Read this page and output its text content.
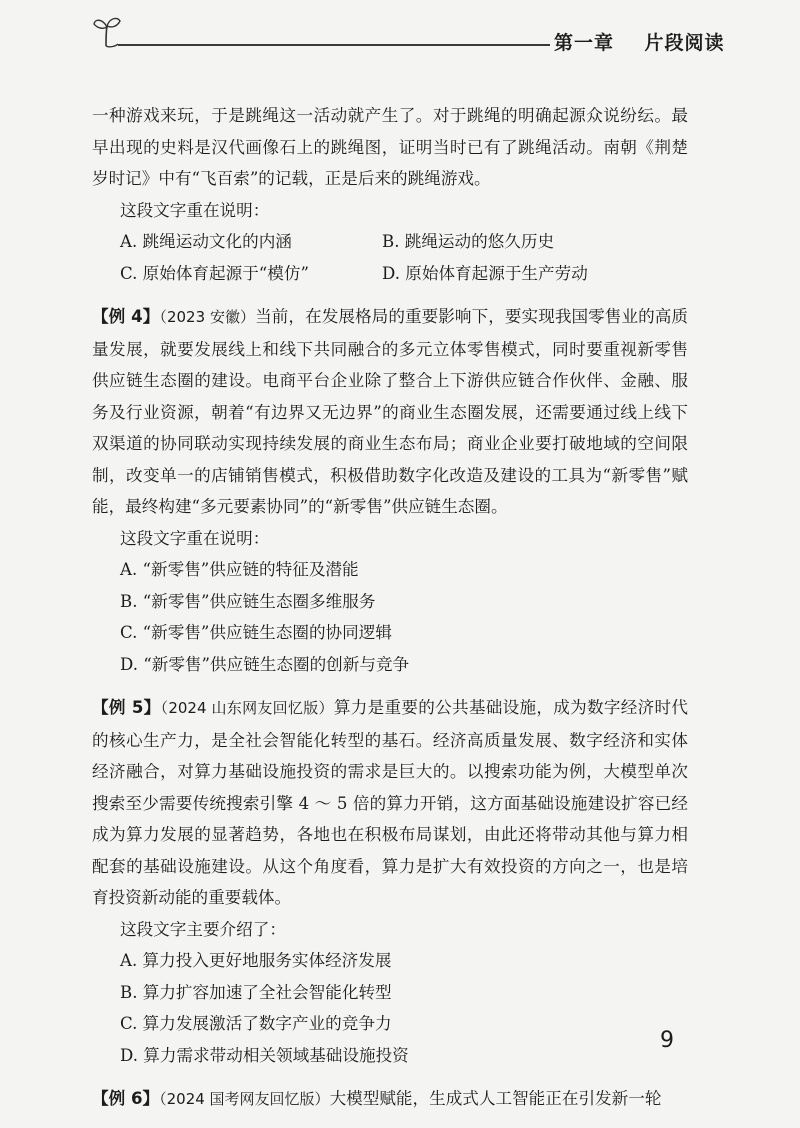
第一章    片段阅读

一种游戏来玩，于是跳绳这一活动就产生了。对于跳绳的明确起源众说纷纭。最早出现的史料是汉代画像石上的跳绳图，证明当时已有了跳绳活动。南朝《荆楚岁时记》中有“飞百索”的记载，正是后来的跳绳游戏。

这段文字重在说明：

A. 跳绳运动文化的内涵	B. 跳绳运动的悠久历史

C. 原始体育起源于“模仿”	D. 原始体育起源于生产劳动

【例 4】（2023 安徽）当前，在发展格局的重要影响下，要实现我国零售业的高质量发展，就要发展线上和线下共同融合的多元立体零售模式，同时要重视新零售供应链生态圈的建设。电商平台企业除了整合上下游供应链合作伙伴、金融、服务及行业资源，朝着“有边界又无边界”的商业生态圈发展，还需要通过线上线下双渠道的协同联动实现持续发展的商业生态布局；商业企业要打破地域的空间限制，改变单一的店铺销售模式，积极借助数字化改造及建设的工具为“新零售”赋能，最终构建“多元要素协同”的“新零售”供应链生态圈。

这段文字重在说明：

A. “新零售”供应链的特征及潜能

B. “新零售”供应链生态圈多维服务

C. “新零售”供应链生态圈的协同逻辑

D. “新零售”供应链生态圈的创新与竞争

【例 5】（2024 山东网友回忆版）算力是重要的公共基础设施，成为数字经济时代的核心生产力，是全社会智能化转型的基石。经济高质量发展、数字经济和实体经济融合，对算力基础设施投资的需求是巨大的。以搜索功能为例，大模型单次搜索至少需要传统搜索引擎 4 ～ 5 倍的算力开销，这方面基础设施建设扩容已经成为算力发展的显著趋势，各地也在积极布局谋划，由此还将带动其他与算力相配套的基础设施建设。从这个角度看，算力是扩大有效投资的方向之一，也是培育投资新动能的重要载体。

这段文字主要介绍了：

A. 算力投入更好地服务实体经济发展

B. 算力扩容加速了全社会智能化转型

C. 算力发展激活了数字产业的竞争力

D. 算力需求带动相关领域基础设施投资

【例 6】（2024 国考网友回忆版）大模型赋能，生成式人工智能正在引发新一轮

9
